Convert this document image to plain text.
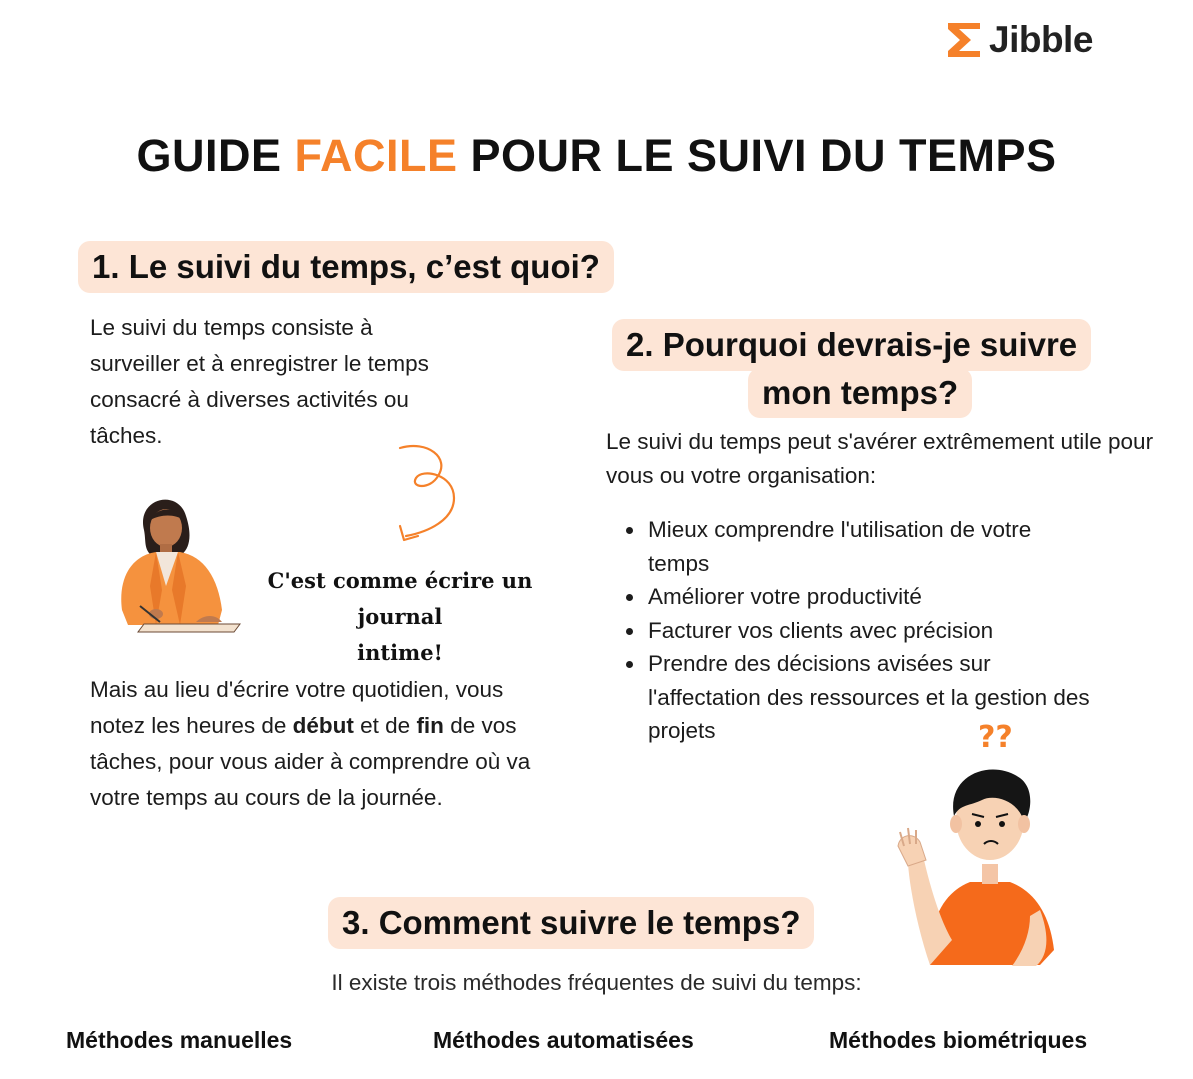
Jibble
GUIDE FACILE POUR LE SUIVI DU TEMPS
1. Le suivi du temps, c’est quoi?
Le suivi du temps consiste à surveiller et à enregistrer le temps consacré à diverses activités ou tâches.
C'est comme écrire un journal
intime!
Mais au lieu d'écrire votre quotidien, vous notez les heures de début et de fin de vos tâches, pour vous aider à comprendre où va votre temps au cours de la journée.
2. Pourquoi devrais-je suivre
mon temps?
Le suivi du temps peut s'avérer extrêmement utile pour vous ou votre organisation:
Mieux comprendre l'utilisation de votre temps
Améliorer votre productivité
Facturer vos clients avec précision
Prendre des décisions avisées sur l'affectation des ressources et la gestion des projets	??
3. Comment suivre le temps?
Il existe trois méthodes fréquentes de suivi du temps:
Méthodes manuelles	Méthodes automatisées	Méthodes biométriques
